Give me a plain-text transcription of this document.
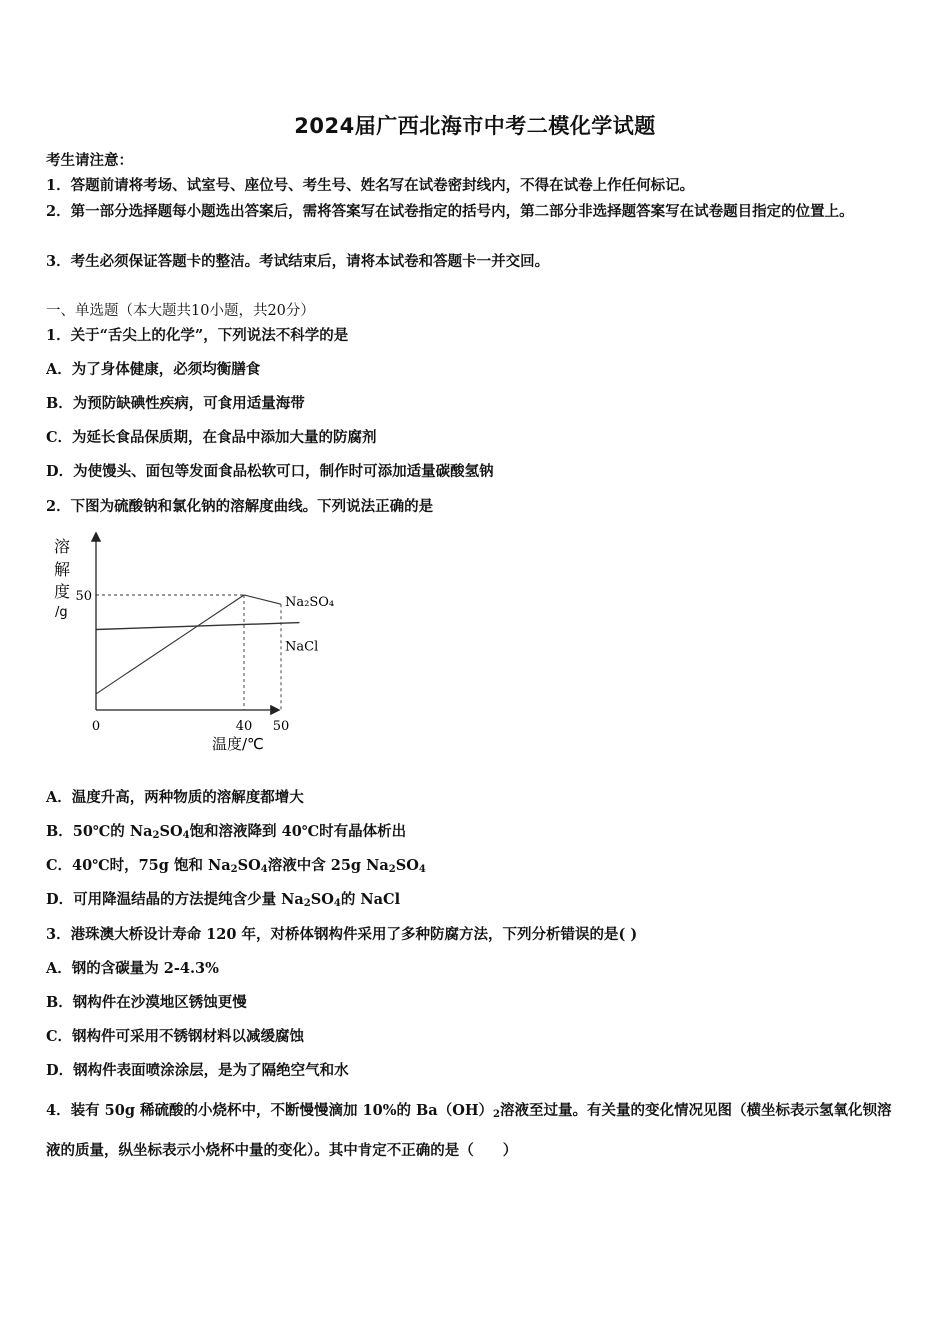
2024届广西北海市中考二模化学试题
考生请注意：
1．答题前请将考场、试室号、座位号、考生号、姓名写在试卷密封线内，不得在试卷上作任何标记。
2．第一部分选择题每小题选出答案后，需将答案写在试卷指定的括号内，第二部分非选择题答案写在试卷题目指定的位置上。
3．考生必须保证答题卡的整洁。考试结束后，请将本试卷和答题卡一并交回。
一、单选题（本大题共10小题，共20分）
1．关于“舌尖上的化学”，下列说法不科学的是
A．为了身体健康，必须均衡膳食
B．为预防缺碘性疾病，可食用适量海带
C．为延长食品保质期，在食品中添加大量的防腐剂
D．为使馒头、面包等发面食品松软可口，制作时可添加适量碳酸氢钠
2．下图为硫酸钠和氯化钠的溶解度曲线。下列说法正确的是
溶
解
度
/g
50
0	40 50
Na₂SO₄
NaCl
温度/℃
A．温度升高，两种物质的溶解度都增大
B．50℃的 $Na_2SO_4$饱和溶液降到 40℃时有晶体析出
C．40℃时，75g 饱和 $Na_2SO_4$溶液中含 25g $Na_2SO_4$
D．可用降温结晶的方法提纯含少量 $Na_2SO_4$的 NaCl
3．港珠澳大桥设计寿命 120 年，对桥体钢构件采用了多种防腐方法，下列分析错误的是( )
A．钢的含碳量为 2-4.3%
B．钢构件在沙漠地区锈蚀更慢
C．钢构件可采用不锈钢材料以减缓腐蚀
D．钢构件表面喷涂涂层，是为了隔绝空气和水
4．装有 50g 稀硫酸的小烧杯中，不断慢慢滴加 10%的 $Ba(OH)_2$溶液至过量。有关量的变化情况见图（横坐标表示氢氧化钡溶液的质量，纵坐标表示小烧杯中量的变化）。其中肯定不正确的是（　　）
